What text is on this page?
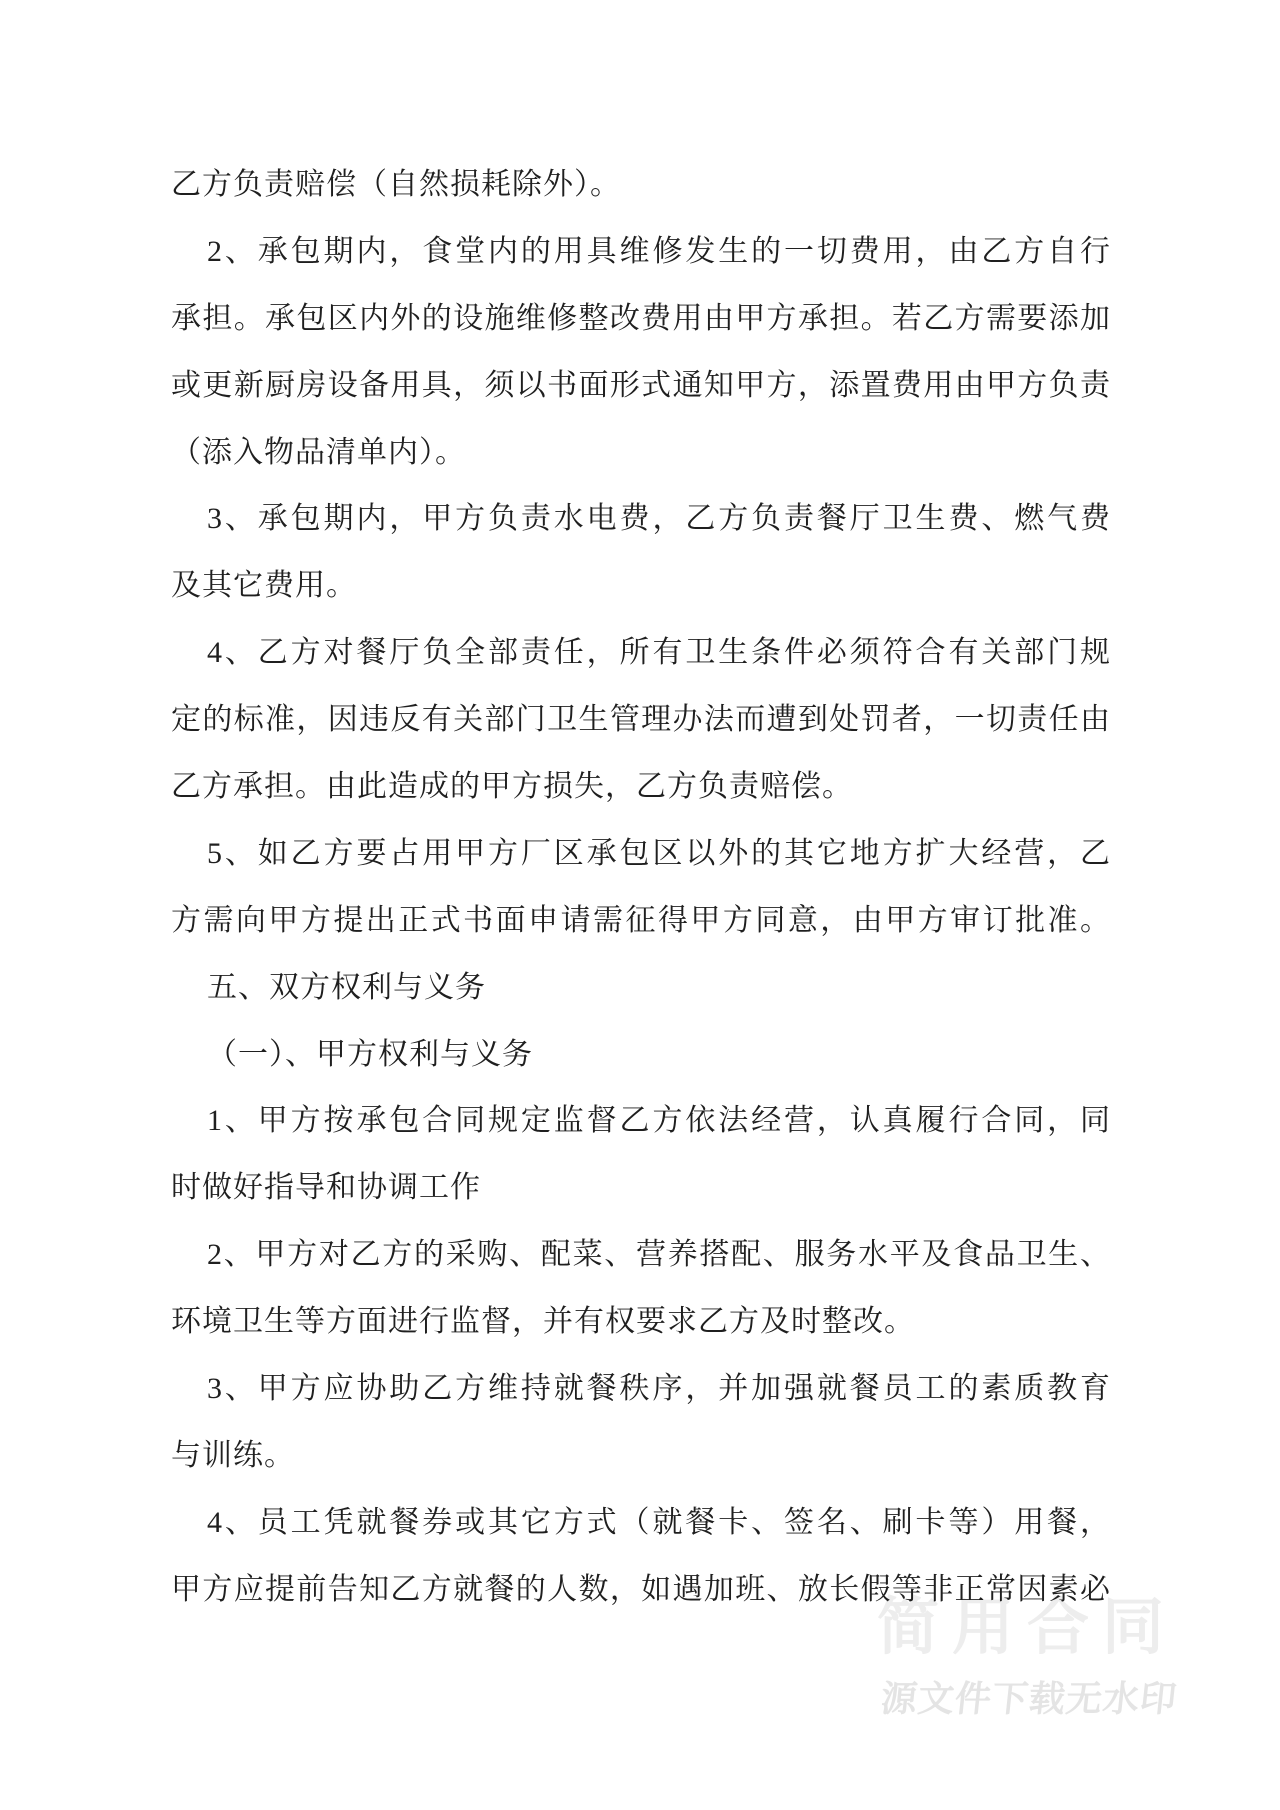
简用合同
源文件下载无水印

乙方负责赔偿（自然损耗除外）。

2、承包期内，食堂内的用具维修发生的一切费用，由乙方自行

承担。承包区内外的设施维修整改费用由甲方承担。若乙方需要添加

或更新厨房设备用具，须以书面形式通知甲方，添置费用由甲方负责

（添入物品清单内）。

3、承包期内，甲方负责水电费，乙方负责餐厅卫生费、燃气费

及其它费用。

4、乙方对餐厅负全部责任，所有卫生条件必须符合有关部门规

定的标准，因违反有关部门卫生管理办法而遭到处罚者，一切责任由

乙方承担。由此造成的甲方损失，乙方负责赔偿。

5、如乙方要占用甲方厂区承包区以外的其它地方扩大经营，乙

方需向甲方提出正式书面申请需征得甲方同意，由甲方审订批准。

五、双方权利与义务

（一）、甲方权利与义务

1、甲方按承包合同规定监督乙方依法经营，认真履行合同，同

时做好指导和协调工作

2、甲方对乙方的采购、配菜、营养搭配、服务水平及食品卫生、

环境卫生等方面进行监督，并有权要求乙方及时整改。

3、甲方应协助乙方维持就餐秩序，并加强就餐员工的素质教育

与训练。

4、员工凭就餐券或其它方式（就餐卡、签名、刷卡等）用餐，

甲方应提前告知乙方就餐的人数，如遇加班、放长假等非正常因素必
